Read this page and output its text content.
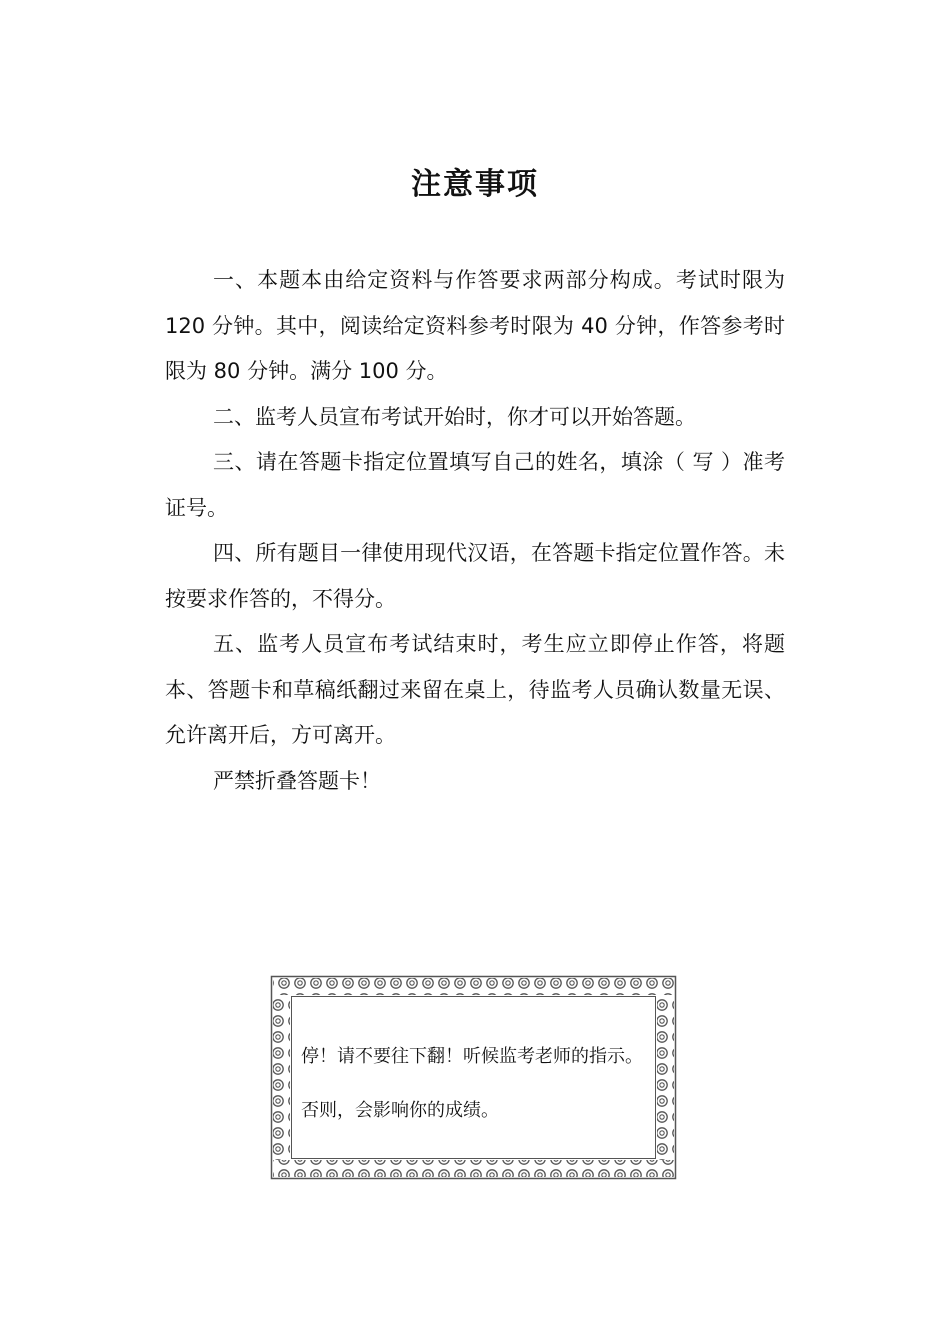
注意事项

一、本题本由给定资料与作答要求两部分构成。考试时限为120 分钟。其中，阅读给定资料参考时限为 40 分钟，作答参考时限为 80 分钟。满分 100 分。

二、监考人员宣布考试开始时，你才可以开始答题。

三、请在答题卡指定位置填写自己的姓名，填涂（ 写 ）准考证号。

四、所有题目一律使用现代汉语，在答题卡指定位置作答。未按要求作答的，不得分。

五、监考人员宣布考试结束时，考生应立即停止作答，将题本、答题卡和草稿纸翻过来留在桌上，待监考人员确认数量无误、允许离开后，方可离开。

严禁折叠答题卡！

停！请不要往下翻！听候监考老师的指示。

否则，会影响你的成绩。
